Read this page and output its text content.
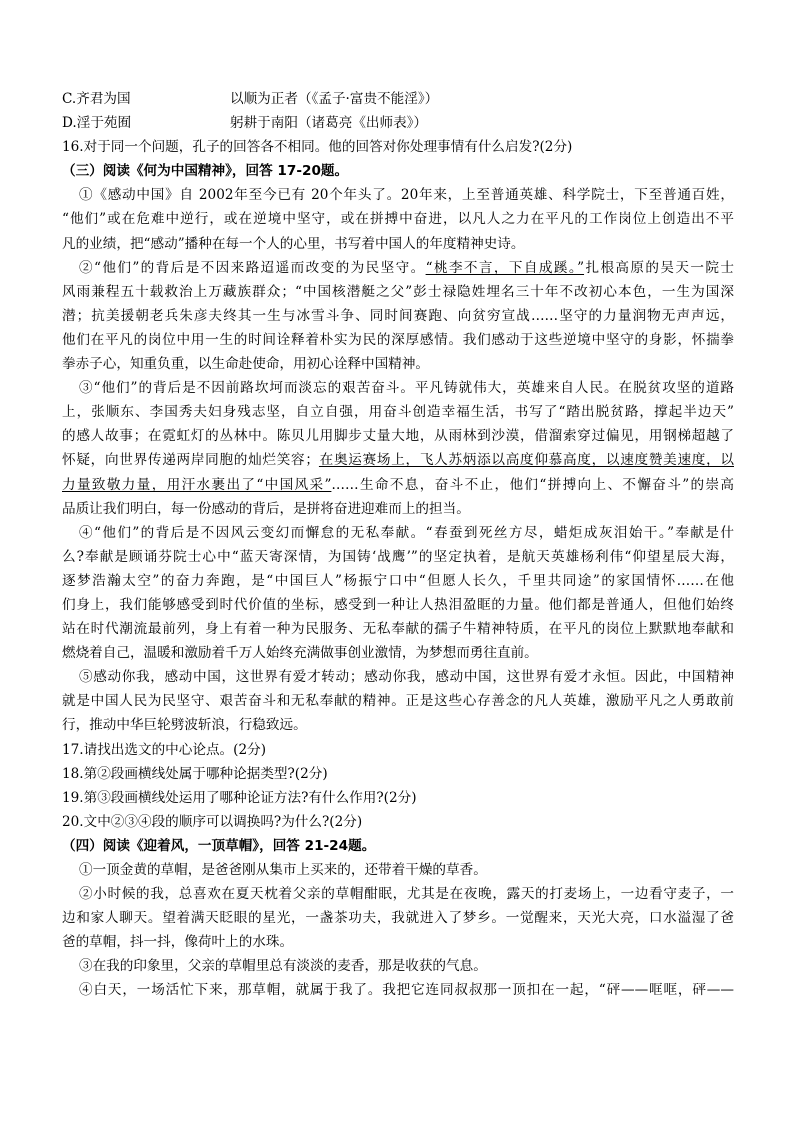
C.齐君为国	以顺为正者（《孟子·富贵不能淫》）
D.淫于苑囿	躬耕于南阳（诸葛亮《出师表》）
16.对于同一个问题，孔子的回答各不相同。他的回答对你处理事情有什么启发?(2分)
（三）阅读《何为中国精神》，回答 17-20题。
①《感动中国》自 2002年至今已有 20个年头了。20年来，上至普通英雄、科学院士，下至普通百姓，
“他们”或在危难中逆行，或在逆境中坚守，或在拼搏中奋进，以凡人之力在平凡的工作岗位上创造出不平
凡的业绩，把“感动”播种在每一个人的心里，书写着中国人的年度精神史诗。
②“他们”的背后是不因来路迢遥而改变的为民坚守。“桃李不言，下自成蹊。”扎根高原的吴天一院士
风雨兼程五十载救治上万藏族群众；“中国核潜艇之父”彭士禄隐姓埋名三十年不改初心本色，一生为国深
潜；抗美援朝老兵朱彦夫终其一生与冰雪斗争、同时间赛跑、向贫穷宣战……坚守的力量润物无声声远，
他们在平凡的岗位中用一生的时间诠释着朴实为民的深厚感情。我们感动于这些逆境中坚守的身影，怀揣拳
拳赤子心，知重负重，以生命赴使命，用初心诠释中国精神。
③“他们”的背后是不因前路坎坷而淡忘的艰苦奋斗。平凡铸就伟大，英雄来自人民。在脱贫攻坚的道路
上，张顺东、李国秀夫妇身残志坚，自立自强，用奋斗创造幸福生活，书写了“踏出脱贫路，撑起半边天”
的感人故事；在霓虹灯的丛林中。陈贝儿用脚步丈量大地，从雨林到沙漠，借溜索穿过偏见，用钢梯超越了
怀疑，向世界传递两岸同胞的灿烂笑容；在奥运赛场上，飞人苏炳添以高度仰慕高度，以速度赞美速度，以
力量致敬力量，用汗水裹出了“中国风采”……生命不息，奋斗不止，他们“拼搏向上、不懈奋斗”的崇高
品质让我们明白，每一份感动的背后，是拼将奋进迎难而上的担当。
④“他们”的背后是不因风云变幻而懈怠的无私奉献。“春蚕到死丝方尽，蜡炬成灰泪始干。”奉献是什
么?奉献是顾诵芬院士心中“蓝天寄深情，为国铸‘战鹰’”的坚定执着，是航天英雄杨利伟“仰望星辰大海，
逐梦浩瀚太空”的奋力奔跑，是“中国巨人”杨振宁口中“但愿人长久，千里共同途”的家国情怀……在他
们身上，我们能够感受到时代价值的坐标，感受到一种让人热泪盈眶的力量。他们都是普通人，但他们始终
站在时代潮流最前列，身上有着一种为民服务、无私奉献的孺子牛精神特质，在平凡的岗位上默默地奉献和
燃烧着自己，温暖和激励着千万人始终充满做事创业激情，为梦想而勇往直前。
⑤感动你我，感动中国，这世界有爱才转动；感动你我，感动中国，这世界有爱才永恒。因此，中国精神
就是中国人民为民坚守、艰苦奋斗和无私奉献的精神。正是这些心存善念的凡人英雄，激励平凡之人勇敢前
行，推动中华巨轮劈波斩浪，行稳致远。
17.请找出选文的中心论点。(2分)
18.第②段画横线处属于哪种论据类型?(2分)
19.第③段画横线处运用了哪种论证方法?有什么作用?(2分)
20.文中②③④段的顺序可以调换吗?为什么?(2分)
（四）阅读《迎着风，一顶草帽》，回答 21-24题。
①一顶金黄的草帽，是爸爸刚从集市上买来的，还带着干燥的草香。
②小时候的我，总喜欢在夏天枕着父亲的草帽酣眠，尤其是在夜晚，露天的打麦场上，一边看守麦子，一
边和家人聊天。望着满天眨眼的星光，一盏茶功夫，我就进入了梦乡。一觉醒来，天光大亮，口水溢湿了爸
爸的草帽，抖一抖，像荷叶上的水珠。
③在我的印象里，父亲的草帽里总有淡淡的麦香，那是收获的气息。
④白天，一场活忙下来，那草帽，就属于我了。我把它连同叔叔那一顶扣在一起，“砰——哐哐，砰——
